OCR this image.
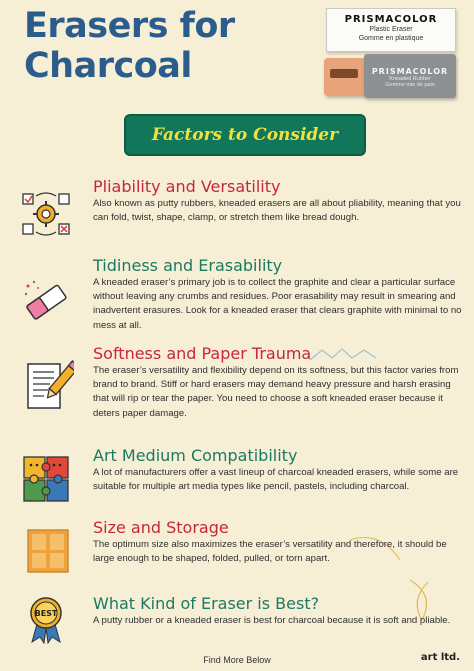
Erasers for Charcoal
PRISMACOLOR
Plastic Eraser
Gomme en plastique
PRISMACOLOR
Kneaded Rubber
Gomme mie de pain
Factors to Consider
Pliability and Versatility

Also known as putty rubbers, kneaded erasers are all about pliability, meaning that you can fold, twist, shape, clamp, or stretch them like bread dough.

Tidiness and Erasability

A kneaded eraser’s primary job is to collect the graphite and clear a particular surface without leaving any crumbs and residues. Poor erasability may result in smearing and inadvertent erasures. Look for a kneaded eraser that clears graphite with minimal to no mess at all.

Softness and Paper Trauma

The eraser’s versatility and flexibility depend on its softness, but this factor varies from brand to brand. Stiff or hard erasers may demand heavy pressure and harsh erasing that will rip or tear the paper. You need to choose a soft kneaded eraser because it deters paper damage.

Art Medium Compatibility

A lot of manufacturers offer a vast lineup of charcoal kneaded erasers, while some are suitable for multiple art media types like pencil, pastels, including charcoal.

Size and Storage

The optimum size also maximizes the eraser’s versatility and therefore, it should be large enough to be shaped, folded, pulled, or torn apart.

BEST
What Kind of Eraser is Best?

A putty rubber or a kneaded eraser is best for charcoal because it is soft and pliable.

Find More Below	art ltd.
